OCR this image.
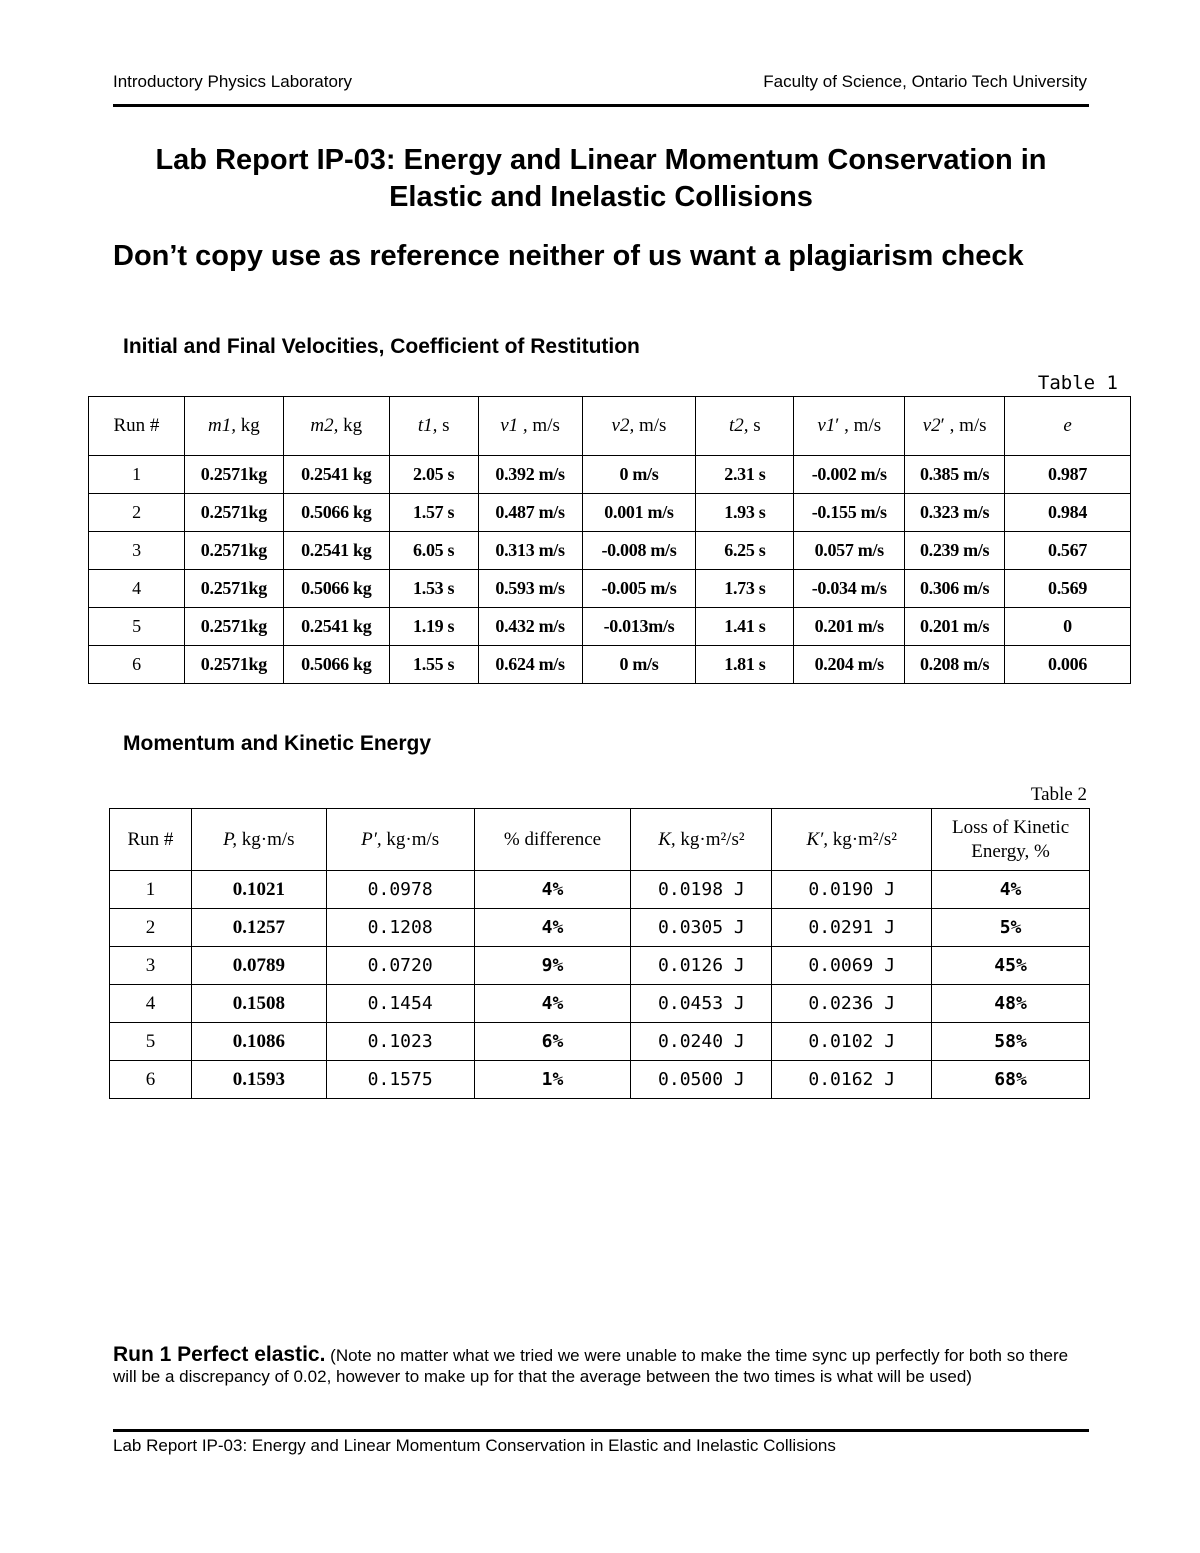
Introductory Physics Laboratory	Faculty of Science, Ontario Tech University
Lab Report IP-03: Energy and Linear Momentum Conservation in
Elastic and Inelastic Collisions
Don’t copy use as reference neither of us want a plagiarism check
Initial and Final Velocities, Coefficient of Restitution
Table 1
Run #	m1, kg	m2, kg	t1, s	v1 , m/s	v2, m/s	t2, s	v1′ , m/s	v2′ , m/s	e
1	0.2571kg	0.2541 kg	2.05 s	0.392 m/s	0 m/s	2.31 s	-0.002 m/s	0.385 m/s	0.987
2	0.2571kg	0.5066 kg	1.57 s	0.487 m/s	0.001 m/s	1.93 s	-0.155 m/s	0.323 m/s	0.984
3	0.2571kg	0.2541 kg	6.05 s	0.313 m/s	-0.008 m/s	6.25 s	0.057 m/s	0.239 m/s	0.567
4	0.2571kg	0.5066 kg	1.53 s	0.593 m/s	-0.005 m/s	1.73 s	-0.034 m/s	0.306 m/s	0.569
5	0.2571kg	0.2541 kg	1.19 s	0.432 m/s	-0.013m/s	1.41 s	0.201 m/s	0.201 m/s	0
6	0.2571kg	0.5066 kg	1.55 s	0.624 m/s	0 m/s	1.81 s	0.204 m/s	0.208 m/s	0.006
Momentum and Kinetic Energy
Table 2
Run #	P, kg·m/s	P′, kg·m/s	% difference	K, kg·m²/s²	K′, kg·m²/s²	Loss of Kinetic Energy, %
1	0.1021	0.0978	4%	0.0198 J	0.0190 J	4%
2	0.1257	0.1208	4%	0.0305 J	0.0291 J	5%
3	0.0789	0.0720	9%	0.0126 J	0.0069 J	45%
4	0.1508	0.1454	4%	0.0453 J	0.0236 J	48%
5	0.1086	0.1023	6%	0.0240 J	0.0102 J	58%
6	0.1593	0.1575	1%	0.0500 J	0.0162 J	68%
Run 1 Perfect elastic. (Note no matter what we tried we were unable to make the time sync up perfectly for both so there will be a discrepancy of 0.02, however to make up for that the average between the two times is what will be used)
Lab Report IP-03: Energy and Linear Momentum Conservation in Elastic and Inelastic Collisions
